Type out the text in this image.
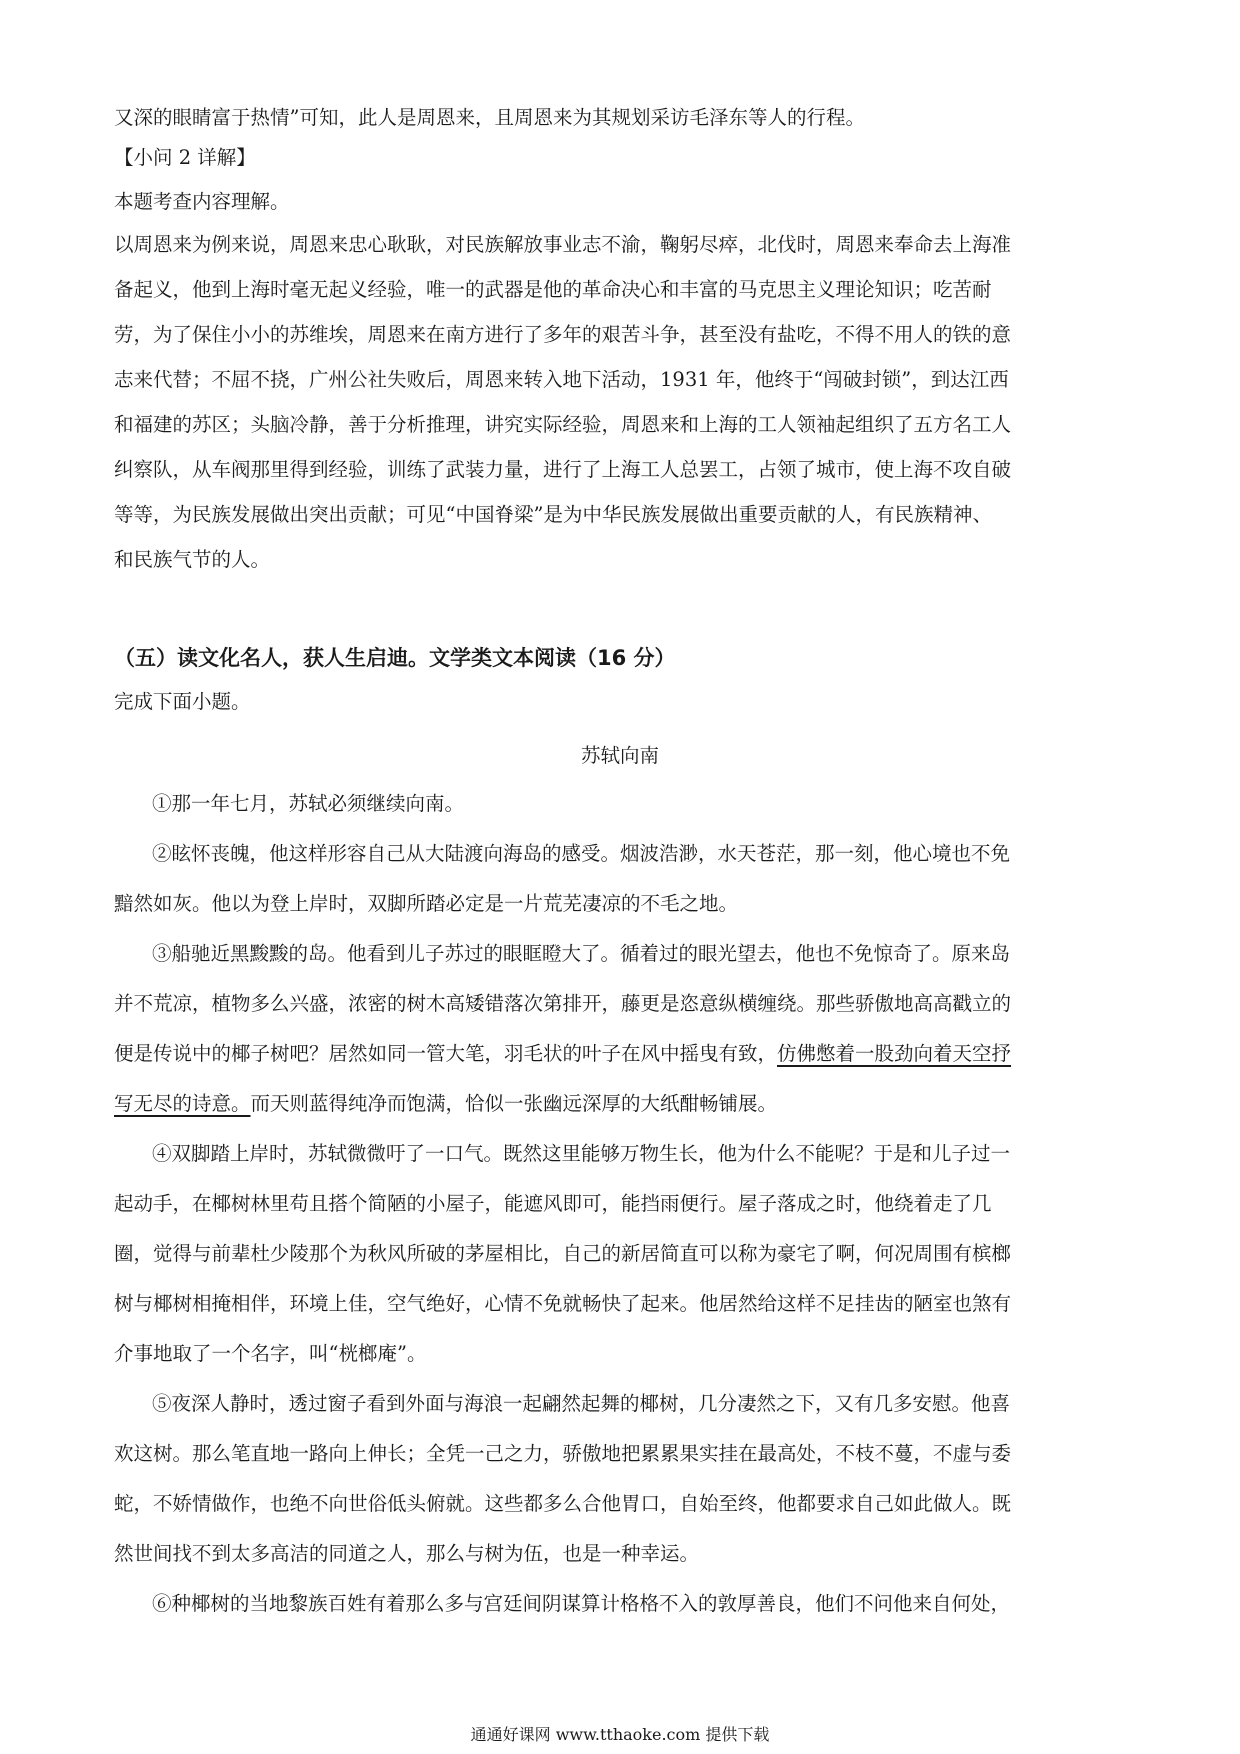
又深的眼睛富于热情”可知，此人是周恩来，且周恩来为其规划采访毛泽东等人的行程。

【小问 2 详解】

本题考查内容理解。

以周恩来为例来说，周恩来忠心耿耿，对民族解放事业志不渝，鞠躬尽瘁，北伐时，周恩来奉命去上海准

备起义，他到上海时毫无起义经验，唯一的武器是他的革命决心和丰富的马克思主义理论知识；吃苦耐

劳，为了保住小小的苏维埃，周恩来在南方进行了多年的艰苦斗争，甚至没有盐吃，不得不用人的铁的意

志来代替；不屈不挠，广州公社失败后，周恩来转入地下活动，1931 年，他终于“闯破封锁”，到达江西

和福建的苏区；头脑冷静，善于分析推理，讲究实际经验，周恩来和上海的工人领袖起组织了五方名工人

纠察队，从车阀那里得到经验，训练了武装力量，进行了上海工人总罢工，占领了城市，使上海不攻自破

等等，为民族发展做出突出贡献；可见“中国脊梁”是为中华民族发展做出重要贡献的人，有民族精神、

和民族气节的人。

（五）读文化名人，获人生启迪。文学类文本阅读（16 分）

完成下面小题。

苏轼向南

①那一年七月，苏轼必须继续向南。

②眩怀丧魄，他这样形容自己从大陆渡向海岛的感受。烟波浩渺，水天苍茫，那一刻，他心境也不免

黯然如灰。他以为登上岸时，双脚所踏必定是一片荒芜凄凉的不毛之地。

③船驰近黑黢黢的岛。他看到儿子苏过的眼眶瞪大了。循着过的眼光望去，他也不免惊奇了。原来岛

并不荒凉，植物多么兴盛，浓密的树木高矮错落次第排开，藤更是恣意纵横缠绕。那些骄傲地高高戳立的

便是传说中的椰子树吧？居然如同一管大笔，羽毛状的叶子在风中摇曳有致，仿佛憋着一股劲向着天空抒

写无尽的诗意。而天则蓝得纯净而饱满，恰似一张幽远深厚的大纸酣畅铺展。

④双脚踏上岸时，苏轼微微吁了一口气。既然这里能够万物生长，他为什么不能呢？于是和儿子过一

起动手，在椰树林里苟且搭个简陋的小屋子，能遮风即可，能挡雨便行。屋子落成之时，他绕着走了几

圈，觉得与前辈杜少陵那个为秋风所破的茅屋相比，自己的新居简直可以称为豪宅了啊，何况周围有槟榔

树与椰树相掩相伴，环境上佳，空气绝好，心情不免就畅快了起来。他居然给这样不足挂齿的陋室也煞有

介事地取了一个名字，叫“桄榔庵”。

⑤夜深人静时，透过窗子看到外面与海浪一起翩然起舞的椰树，几分凄然之下，又有几多安慰。他喜

欢这树。那么笔直地一路向上伸长；全凭一己之力，骄傲地把累累果实挂在最高处，不枝不蔓，不虚与委

蛇，不娇情做作，也绝不向世俗低头俯就。这些都多么合他胃口，自始至终，他都要求自己如此做人。既

然世间找不到太多高洁的同道之人，那么与树为伍，也是一种幸运。

⑥种椰树的当地黎族百姓有着那么多与宫廷间阴谋算计格格不入的敦厚善良，他们不问他来自何处，

通通好课网 www.tthaoke.com 提供下载
